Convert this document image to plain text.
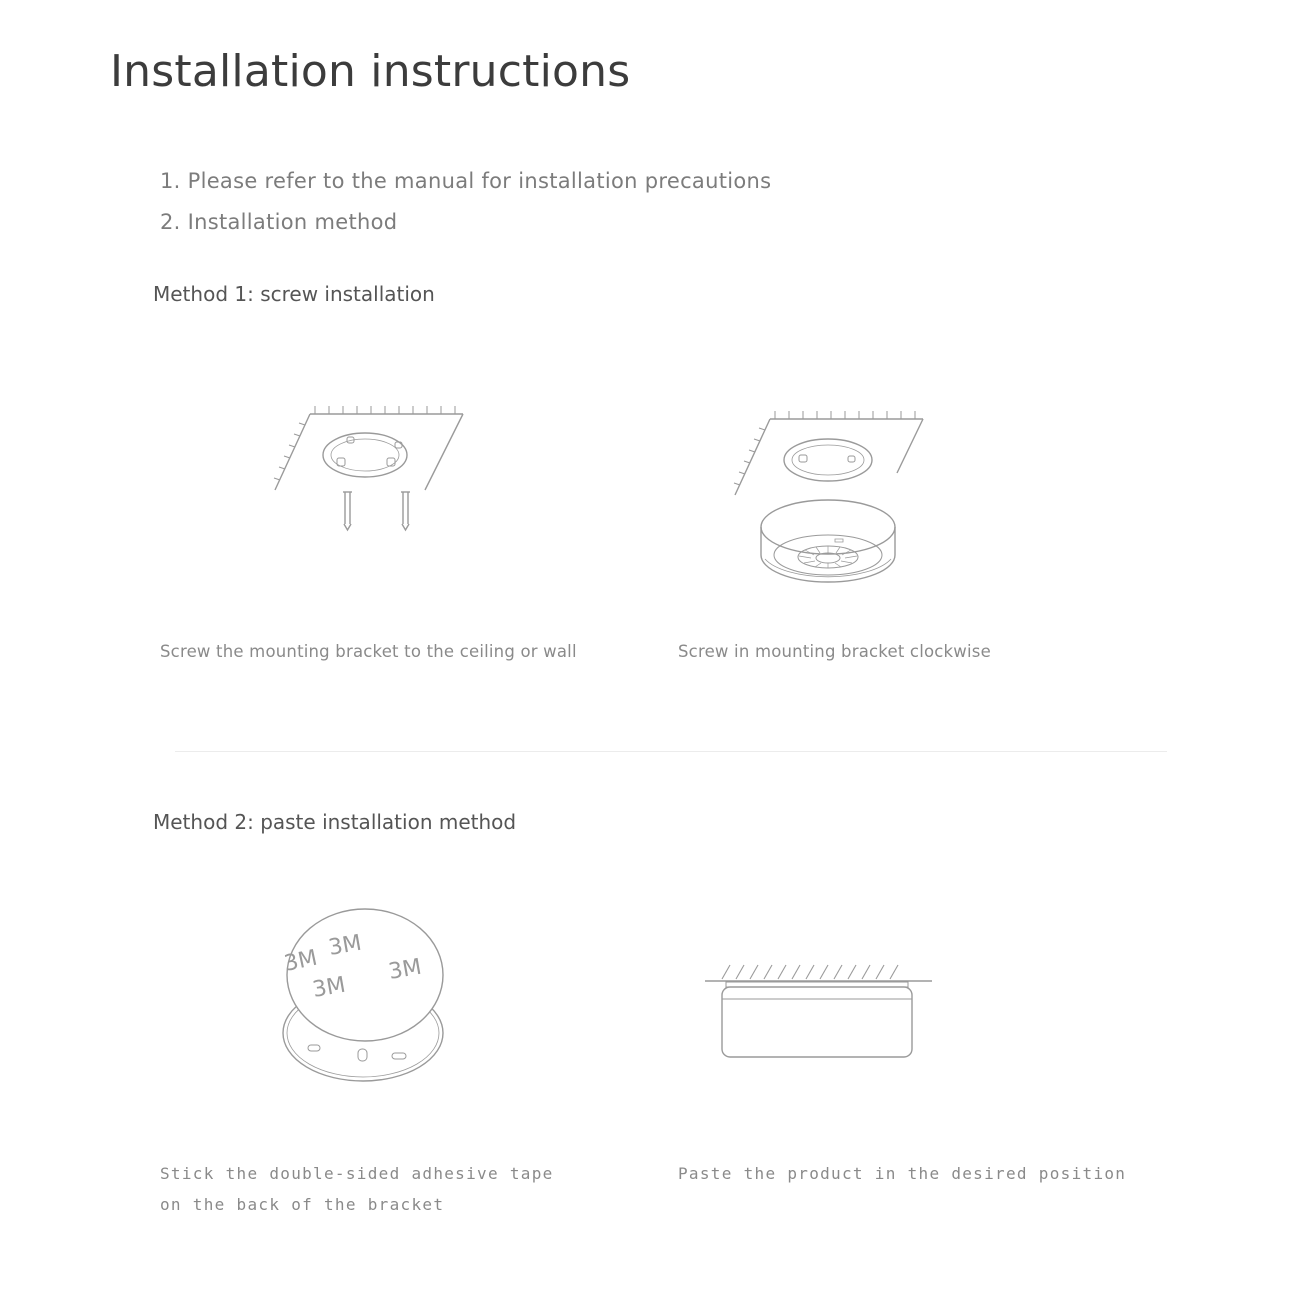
Installation instructions
1. Please refer to the manual for installation precautions
2. Installation method
Method 1: screw installation
Screw the mounting bracket to the ceiling or wall	Screw in mounting bracket clockwise
Method 2: paste installation method
3M
3M
3M
3M
Stick the double-sided adhesive tape
on the back of the bracket
Paste the product in the desired position
